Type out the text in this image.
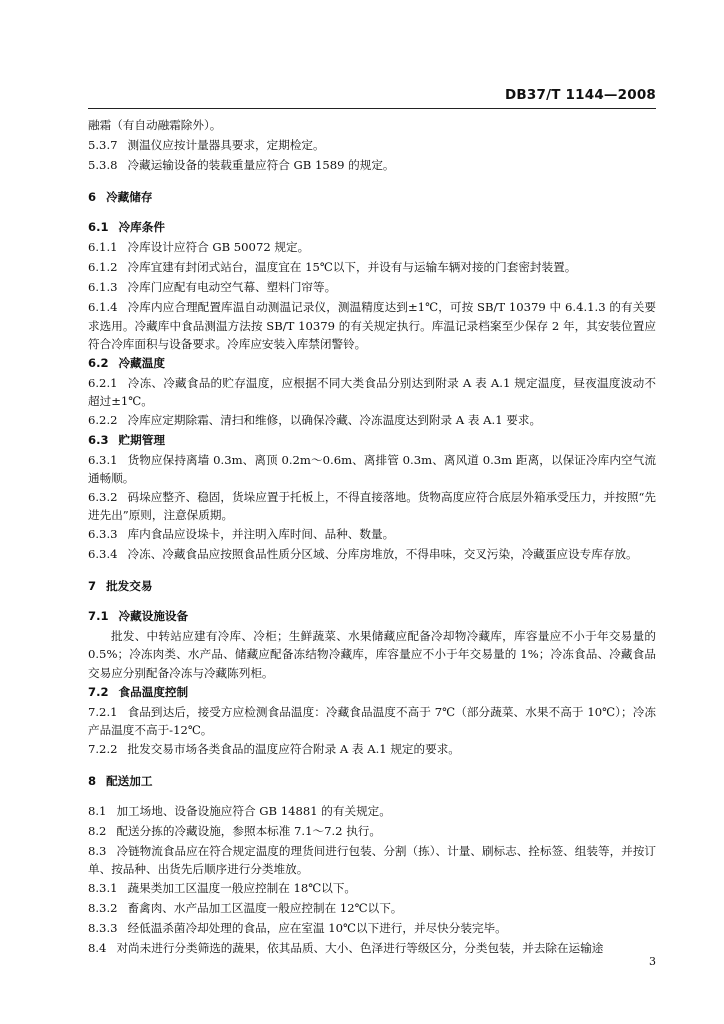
DB37/T 1144—2008
融霜（有自动融霜除外）。
5.3.7 测温仪应按计量器具要求，定期检定。
5.3.8 冷藏运输设备的装载重量应符合 GB 1589 的规定。
6 冷藏储存
6.1 冷库条件
6.1.1 冷库设计应符合 GB 50072 规定。
6.1.2 冷库宜建有封闭式站台，温度宜在 15℃以下，并设有与运输车辆对接的门套密封装置。
6.1.3 冷库门应配有电动空气幕、塑料门帘等。
6.1.4 冷库内应合理配置库温自动测温记录仪，测温精度达到±1℃，可按 SB/T 10379 中 6.4.1.3 的有关要求选用。冷藏库中食品测温方法按 SB/T 10379 的有关规定执行。库温记录档案至少保存 2 年，其安装位置应符合冷库面积与设备要求。冷库应安装入库禁闭警铃。
6.2 冷藏温度
6.2.1 冷冻、冷藏食品的贮存温度，应根据不同大类食品分别达到附录 A 表 A.1 规定温度，昼夜温度波动不超过±1℃。
6.2.2 冷库应定期除霜、清扫和维修，以确保冷藏、冷冻温度达到附录 A 表 A.1 要求。
6.3 贮期管理
6.3.1 货物应保持离墙 0.3m、离顶 0.2m～0.6m、离排管 0.3m、离风道 0.3m 距离，以保证冷库内空气流通畅顺。
6.3.2 码垛应整齐、稳固，货垛应置于托板上，不得直接落地。货物高度应符合底层外箱承受压力，并按照“先进先出”原则，注意保质期。
6.3.3 库内食品应设垛卡，并注明入库时间、品种、数量。
6.3.4 冷冻、冷藏食品应按照食品性质分区域、分库房堆放，不得串味，交叉污染，冷藏蛋应设专库存放。
7 批发交易
7.1 冷藏设施设备
批发、中转站应建有冷库、冷柜；生鲜蔬菜、水果储藏应配备冷却物冷藏库，库容量应不小于年交易量的 0.5%；冷冻肉类、水产品、储藏应配备冻结物冷藏库，库容量应不小于年交易量的 1%；冷冻食品、冷藏食品交易应分别配备冷冻与冷藏陈列柜。
7.2 食品温度控制
7.2.1 食品到达后，接受方应检测食品温度：冷藏食品温度不高于 7℃（部分蔬菜、水果不高于 10℃）；冷冻产品温度不高于-12℃。
7.2.2 批发交易市场各类食品的温度应符合附录 A 表 A.1 规定的要求。
8 配送加工
8.1 加工场地、设备设施应符合 GB 14881 的有关规定。
8.2 配送分拣的冷藏设施，参照本标准 7.1～7.2 执行。
8.3 冷链物流食品应在符合规定温度的理货间进行包装、分割（拣）、计量、刷标志、拴标签、组装等，并按订单、按品种、出货先后顺序进行分类堆放。
8.3.1 蔬果类加工区温度一般应控制在 18℃以下。
8.3.2 畜禽肉、水产品加工区温度一般应控制在 12℃以下。
8.3.3 经低温杀菌冷却处理的食品，应在室温 10℃以下进行，并尽快分装完毕。
8.4 对尚未进行分类筛选的蔬果，依其品质、大小、色泽进行等级区分，分类包装，并去除在运输途
3
